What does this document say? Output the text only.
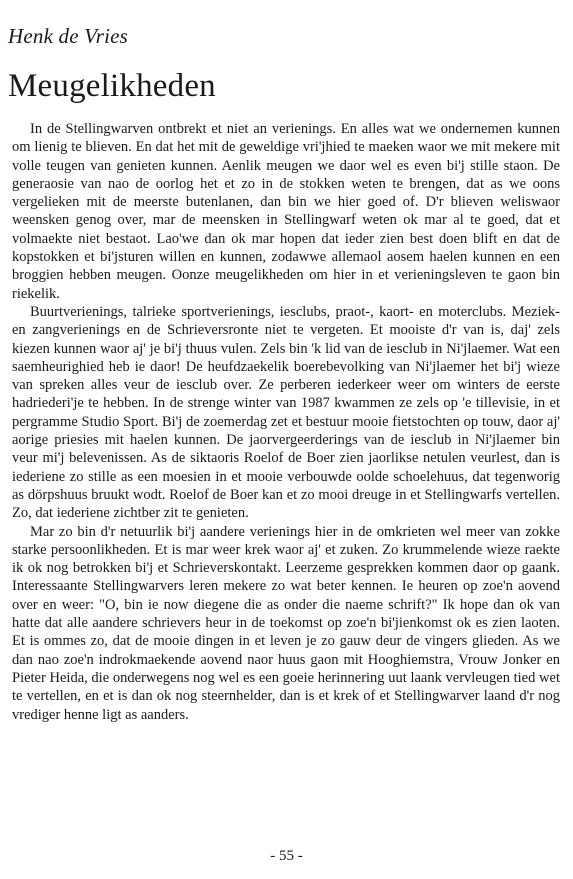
Henk de Vries
Meugelikheden

In de Stellingwarven ontbrekt et niet an verienings. En alles wat we ondernemen kunnen om lienig te blieven. En dat het mit de geweldige vri'jhied te maeken waor we mit mekere mit volle teugen van genieten kunnen. Aenlik meugen we daor wel es even bi'j stille staon. De generaosie van nao de oorlog het et zo in de stokken weten te brengen, dat as we oons vergelieken mit de meerste butenlanen, dan bin we hier goed of. D'r blieven weliswaor weensken genog over, mar de meensken in Stellingwarf weten ok mar al te goed, dat et volmaekte niet bestaot. Lao'we dan ok mar hopen dat ieder zien best doen blift en dat de kopstokken et bi'jsturen willen en kunnen, zodawwe allemaol aosem haelen kunnen en een broggien hebben meugen. Oonze meugelikheden om hier in et verieningsleven te gaon bin riekelik.

Buurtverienings, talrieke sportverienings, iesclubs, praot-, kaort- en moterclubs. Meziek- en zangverienings en de Schrieversronte niet te vergeten. Et mooiste d'r van is, daj' zels kiezen kunnen waor aj' je bi'j thuus vulen. Zels bin 'k lid van de iesclub in Ni'jlaemer. Wat een saemheurighied heb ie daor! De heufdzaekelik boerebevolking van Ni'jlaemer het bi'j wieze van spreken alles veur de iesclub over. Ze perberen iederkeer weer om winters de eerste hadriederi'je te hebben. In de strenge winter van 1987 kwammen ze zels op 'e tillevisie, in et pergramme Studio Sport. Bi'j de zoemerdag zet et bestuur mooie fietstochten op touw, daor aj' aorige priesies mit haelen kunnen. De jaorvergeerderings van de iesclub in Ni'jlaemer bin veur mi'j belevenissen. As de siktaoris Roelof de Boer zien jaorlikse netulen veurlest, dan is iederiene zo stille as een moesien in et mooie verbouwde oolde schoelehuus, dat tegenworig as dörpshuus bruukt wodt. Roelof de Boer kan et zo mooi dreuge in et Stellingwarfs vertellen. Zo, dat iederiene zichtber zit te genieten.

Mar zo bin d'r netuurlik bi'j aandere verienings hier in de omkrieten wel meer van zokke starke persoonlikheden. Et is mar weer krek waor aj' et zuken. Zo krummelende wieze raekte ik ok nog betrokken bi'j et Schrieverskontakt. Leerzeme gesprekken kommen daor op gaank. Interessaante Stellingwarvers leren mekere zo wat beter kennen. Ie heuren op zoe'n aovend over en weer: "O, bin ie now diegene die as onder die naeme schrift?" Ik hope dan ok van hatte dat alle aandere schrievers heur in de toekomst op zoe'n bi'jienkomst ok es zien laoten. Et is ommes zo, dat de mooie dingen in et leven je zo gauw deur de vingers glieden. As we dan nao zoe'n indrokmaekende aovend naor huus gaon mit Hooghiemstra, Vrouw Jonker en Pieter Heida, die onderwegens nog wel es een goeie herinnering uut laank vervleugen tied wet te vertellen, en et is dan ok nog steernhelder, dan is et krek of et Stellingwarver laand d'r nog vrediger henne ligt as aanders.

- 55 -
